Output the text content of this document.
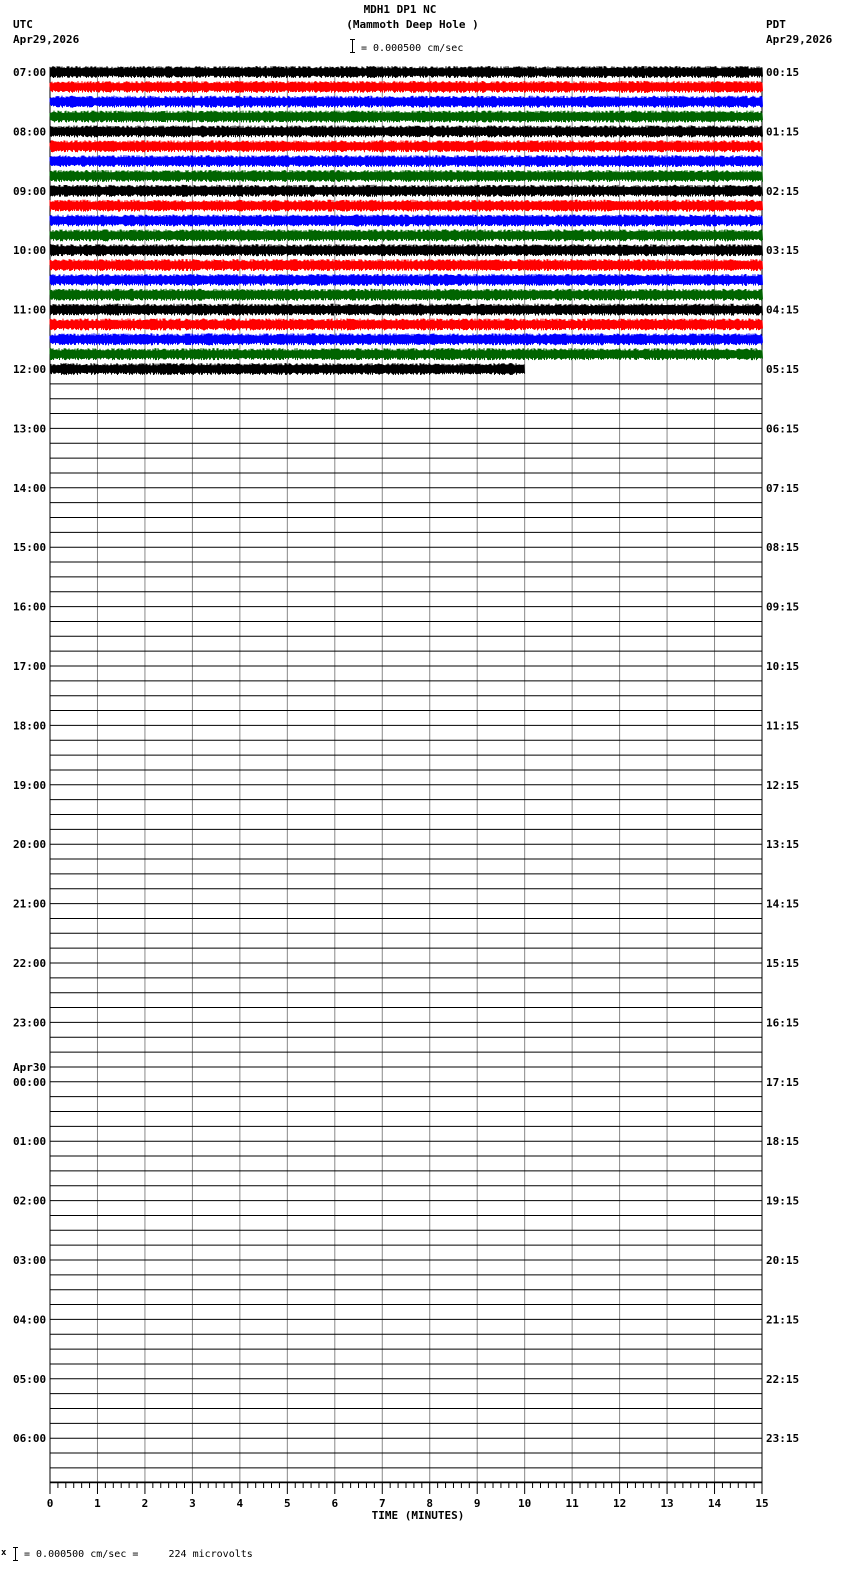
MDH1 DP1 NC
(Mammoth Deep Hole )
= 0.000500 cm/sec
UTC
Apr29,2026
PDT
Apr29,2026
07:00	00:15
08:00	01:15
09:00	02:15
10:00	03:15
11:00	04:15
12:00	05:15
13:00	06:15
14:00	07:15
15:00	08:15
16:00	09:15
17:00	10:15
18:00	11:15
19:00	12:15
20:00	13:15
21:00	14:15
22:00	15:15
23:00	16:15
00:00	17:15
Apr30
01:00	18:15
02:00	19:15
03:00	20:15
04:00	21:15
05:00	22:15
06:00	23:15
0	1	2	3	4	5	6	7	8	9	10	11	12	13	14	15
TIME (MINUTES)
x = 0.000500 cm/sec =     224 microvolts
